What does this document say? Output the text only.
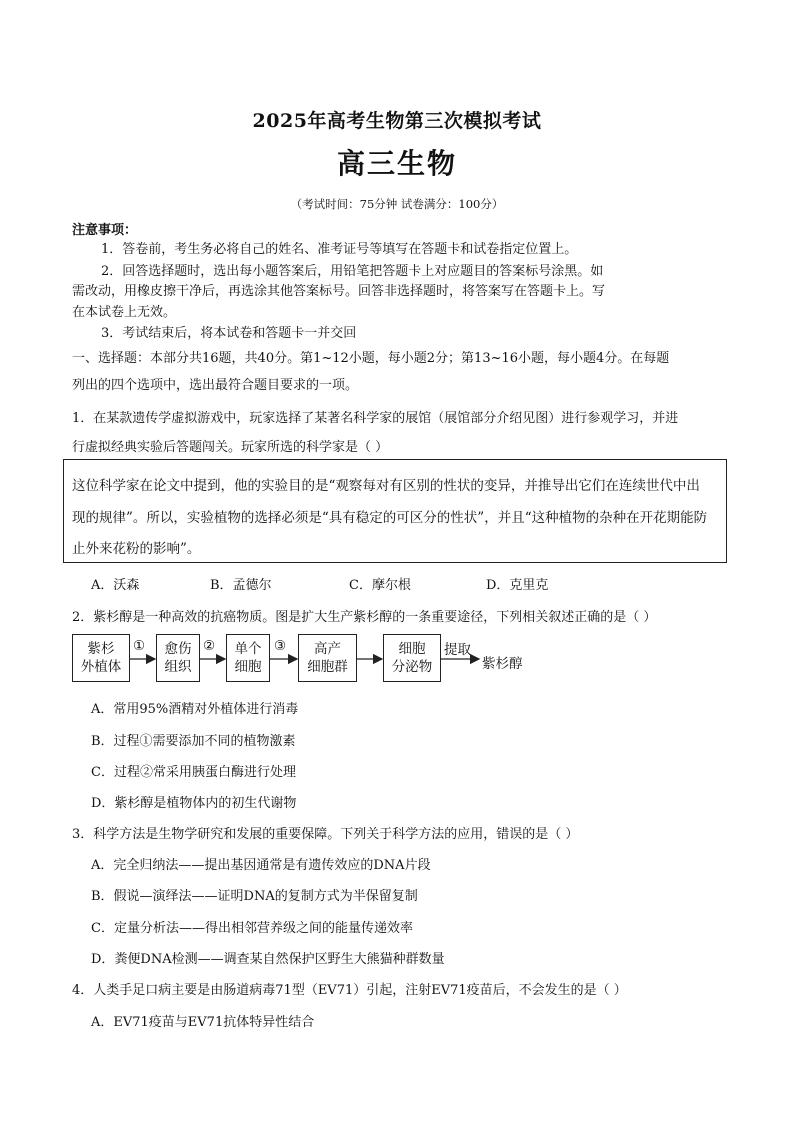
2025年高考生物第三次模拟考试
高三生物
（考试时间：75分钟 试卷满分：100分）
注意事项：
1．答卷前，考生务必将自己的姓名、准考证号等填写在答题卡和试卷指定位置上。
2．回答选择题时，选出每小题答案后，用铅笔把答题卡上对应题目的答案标号涂黑。如
需改动，用橡皮擦干净后，再选涂其他答案标号。回答非选择题时，将答案写在答题卡上。写
在本试卷上无效。
3．考试结束后，将本试卷和答题卡一并交回
一、选择题：本部分共16题，共40分。第1~12小题，每小题2分；第13~16小题，每小题4分。在每题
列出的四个选项中，选出最符合题目要求的一项。
1．在某款遗传学虚拟游戏中，玩家选择了某著名科学家的展馆（展馆部分介绍见图）进行参观学习，并进
行虚拟经典实验后答题闯关。玩家所选的科学家是（ ）
这位科学家在论文中提到，他的实验目的是“观察每对有区别的性状的变异，并推导出它们在连续世代中出
现的规律”。所以，实验植物的选择必须是“具有稳定的可区分的性状”，并且“这种植物的杂种在开花期能防
止外来花粉的影响”。
A．沃森	B．孟德尔	C．摩尔根	D．克里克
2．紫杉醇是一种高效的抗癌物质。图是扩大生产紫杉醇的一条重要途径，下列相关叙述正确的是（ ）
紫杉
外植体
① 愈伤
组织
② 单个
细胞
③ 高产
细胞群
细胞
分泌物
提取
紫杉醇
A．常用95%酒精对外植体进行消毒
B．过程①需要添加不同的植物激素
C．过程②常采用胰蛋白酶进行处理
D．紫杉醇是植物体内的初生代谢物
3．科学方法是生物学研究和发展的重要保障。下列关于科学方法的应用，错误的是（ ）
A．完全归纳法——提出基因通常是有遗传效应的DNA片段
B．假说—演绎法——证明DNA的复制方式为半保留复制
C．定量分析法——得出相邻营养级之间的能量传递效率
D．粪便DNA检测——调查某自然保护区野生大熊猫种群数量
4．人类手足口病主要是由肠道病毒71型（EV71）引起，注射EV71疫苗后，不会发生的是（ ）
A．EV71疫苗与EV71抗体特异性结合
